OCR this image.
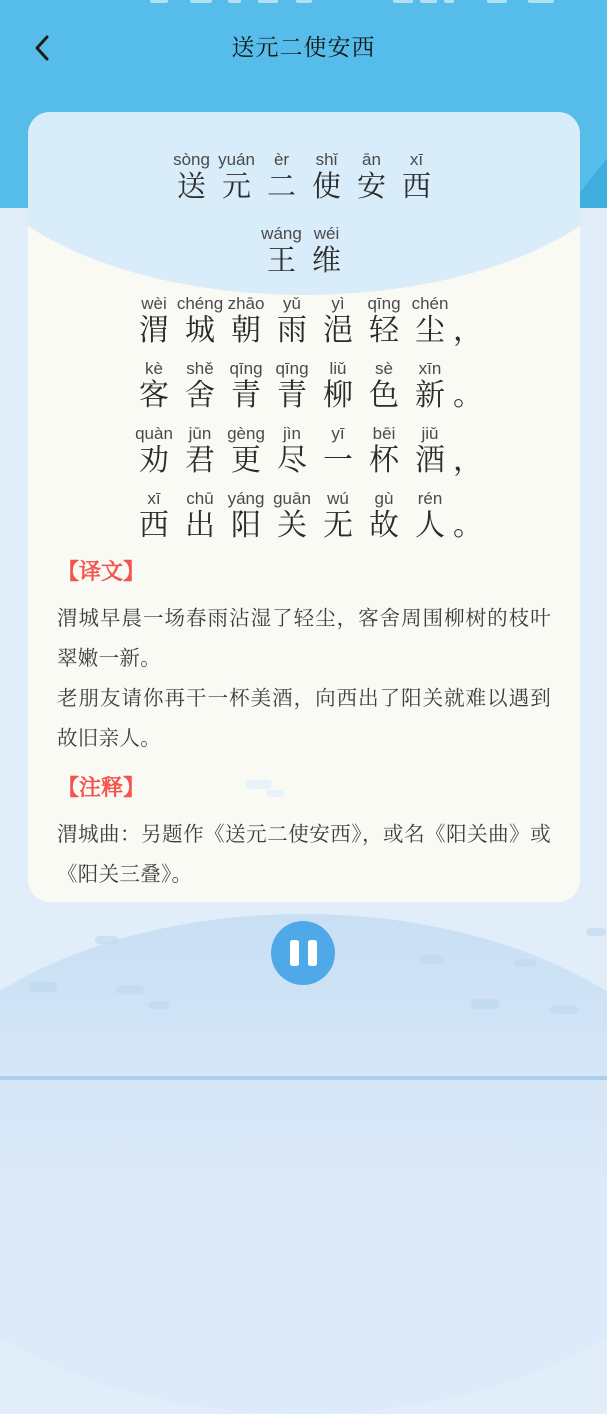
送元二使安西
sòng
送
yuán
元
èr
二
shǐ
使
ān
安
xī
西
wáng
王
wéi
维
wèi
渭
chéng
城
zhāo
朝
yǔ
雨
yì
浥
qīng
轻
chén
尘 ，
kè
客
shě
舍
qīng
青
qīng
青
liǔ
柳
sè
色
xīn
新 。
quàn
劝
jūn
君
gèng
更
jìn
尽
yī
一
bēi
杯
jiǔ
酒 ，
xī
西
chū
出
yáng
阳
guān
关
wú
无
gù
故
rén
人 。
【译文】

渭城早晨一场春雨沾湿了轻尘，客舍周围柳树的枝叶翠嫩一新。

老朋友请你再干一杯美酒，向西出了阳关就难以遇到故旧亲人。

【注释】

渭城曲：另题作《送元二使安西》，或名《阳关曲》或《阳关三叠》。
